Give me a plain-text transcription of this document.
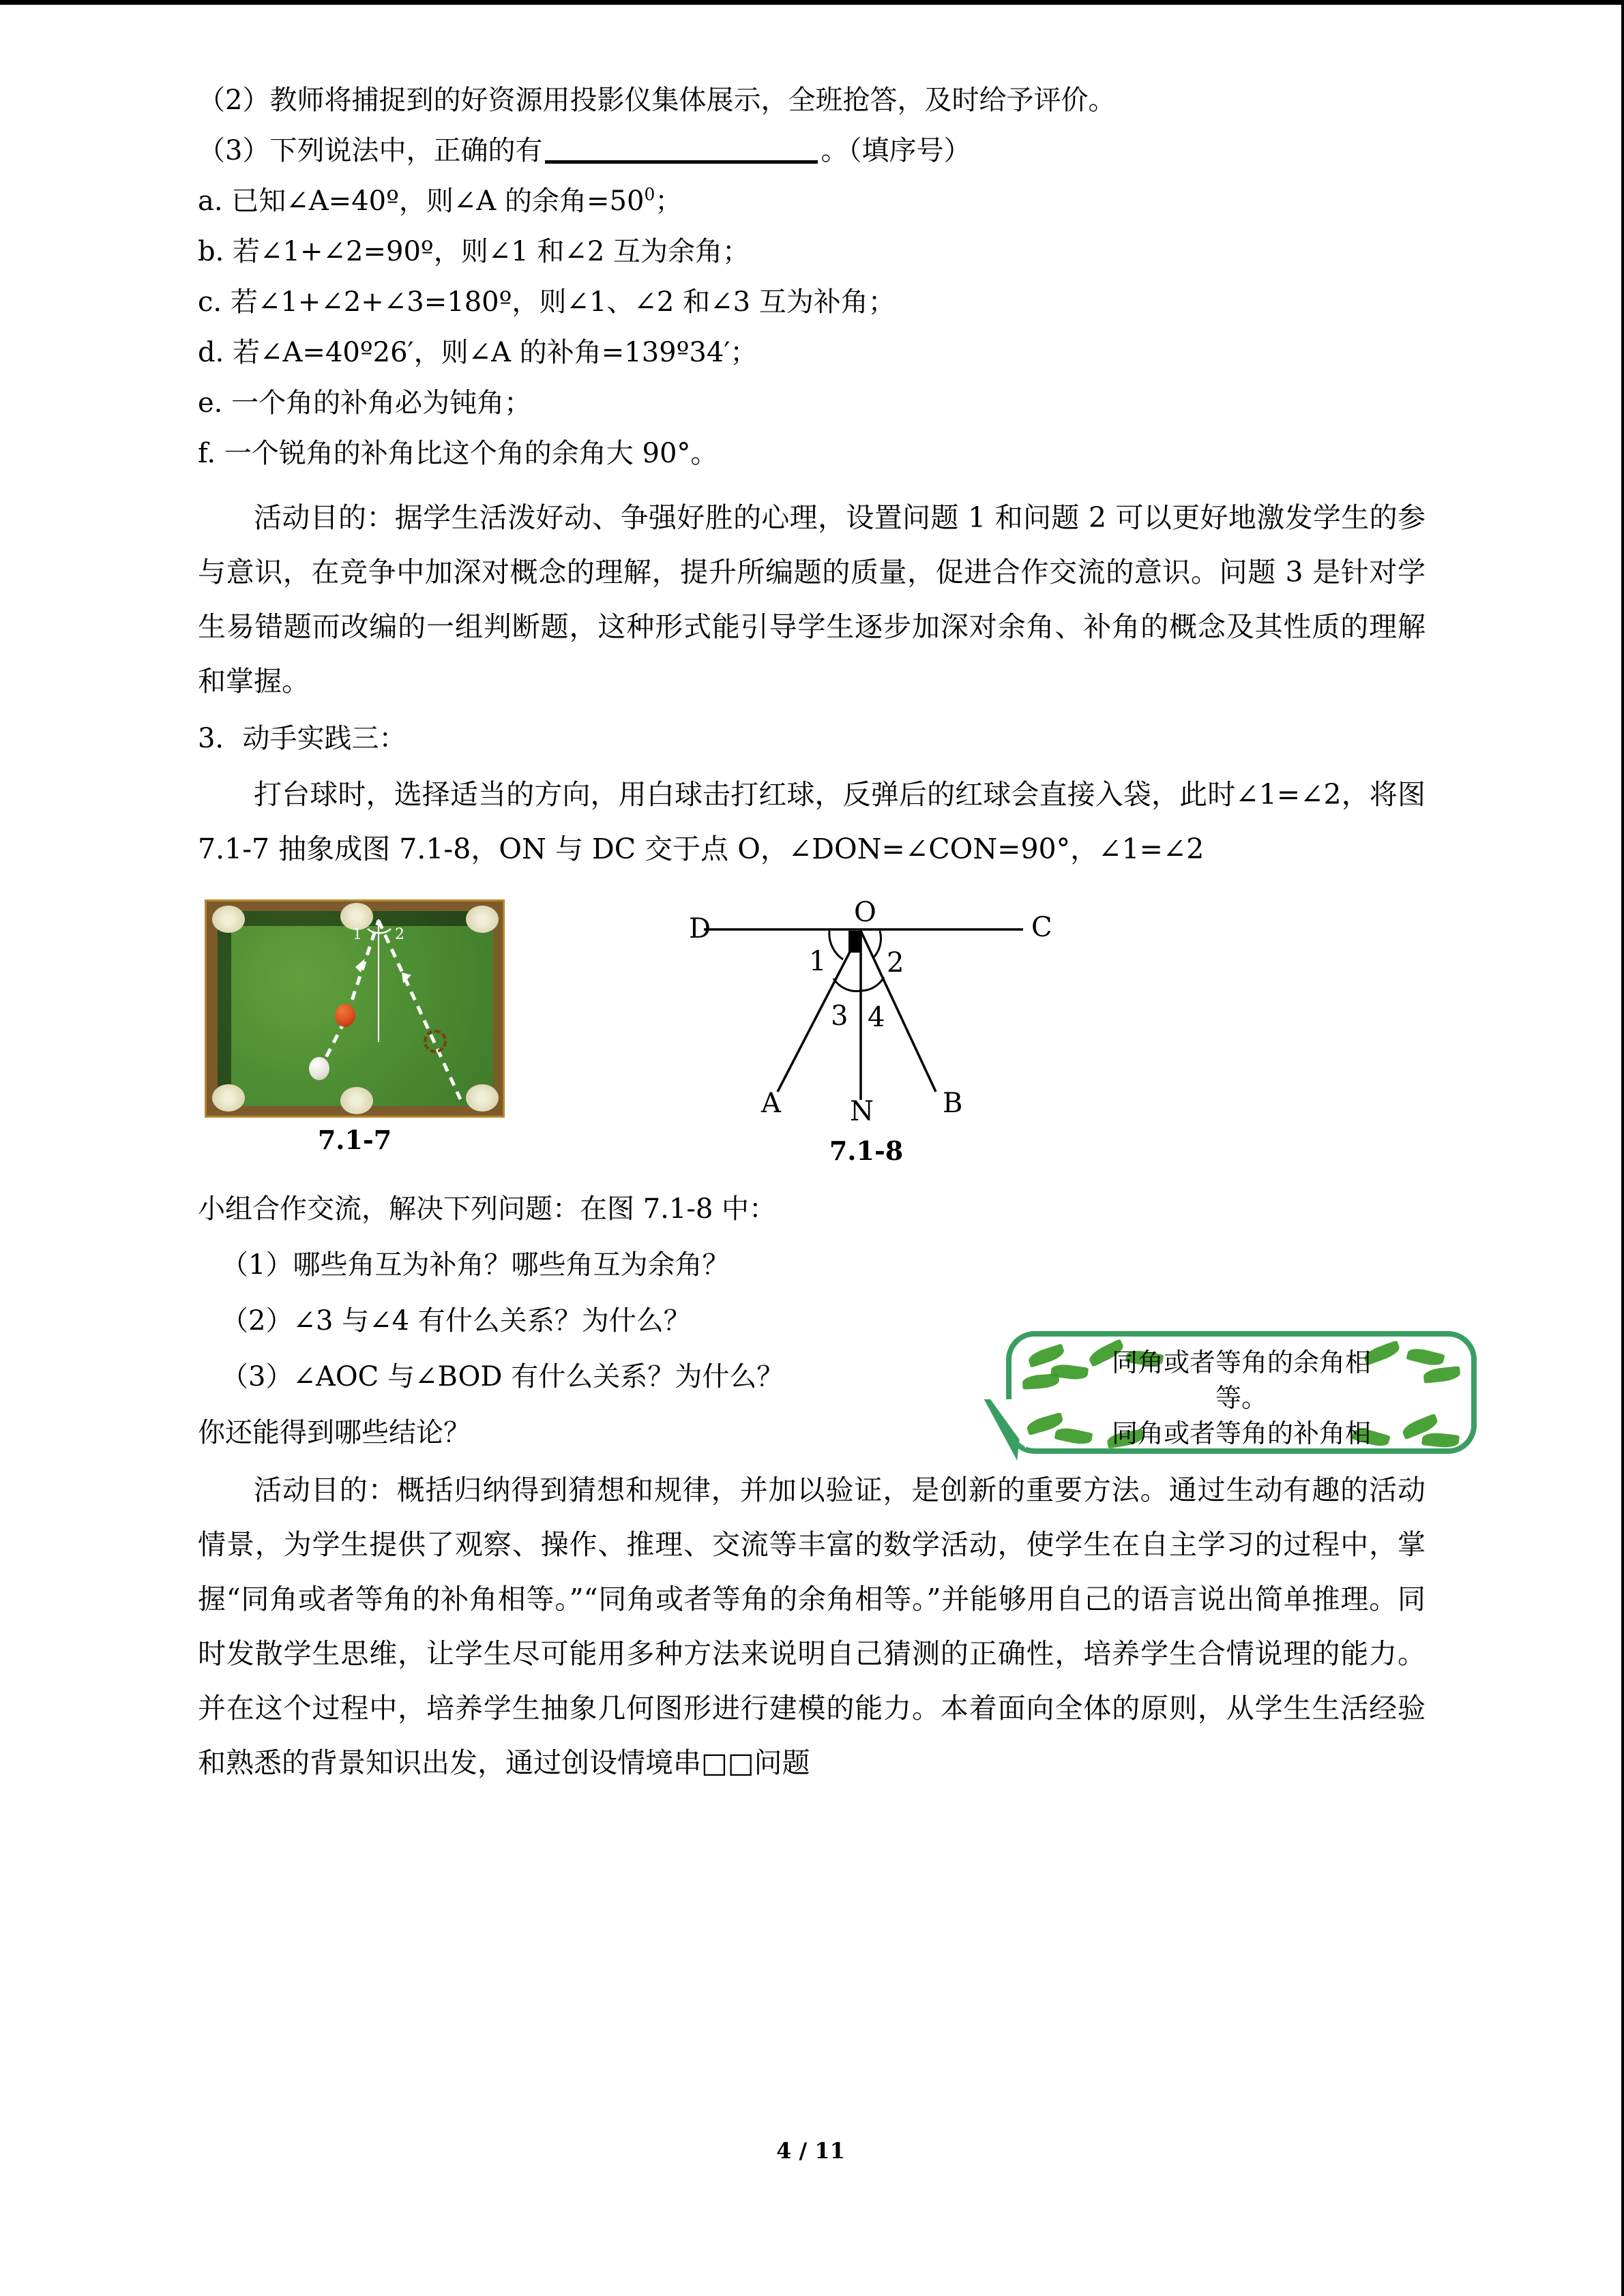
（2）教师将捕捉到的好资源用投影仪集体展示，全班抢答，及时给予评价。
（3）下列说法中，正确的有	。（填序号）
a. 已知∠A=40º，则∠A 的余角$=50^0$；
b. 若∠1+∠2=90º，则∠1 和∠2 互为余角；
c. 若∠1+∠2+∠3=180º，则∠1、∠2 和∠3 互为补角；
d. 若∠A=40º26′，则∠A 的补角=139º34′；
e. 一个角的补角必为钝角；
f. 一个锐角的补角比这个角的余角大 90°。
活动目的：据学生活泼好动、争强好胜的心理，设置问题 1 和问题 2 可以更好地激发学生的参与意识，在竞争中加深对概念的理解，提升所编题的质量，促进合作交流的意识。问题 3 是针对学生易错题而改编的一组判断题，这种形式能引导学生逐步加深对余角、补角的概念及其性质的理解和掌握。
3．动手实践三：
打台球时，选择适当的方向，用白球击打红球，反弹后的红球会直接入袋，此时∠1=∠2，将图 7.1-7 抽象成图 7.1-8，ON 与 DC 交于点 O，∠DON=∠CON=90°，∠1=∠2
1 2
7.1-7
D	C
O
1 2
3 4
A	B
N
7.1-8
小组合作交流，解决下列问题：在图 7.1-8 中：
（1）哪些角互为补角？哪些角互为余角？
（2）∠3 与∠4 有什么关系？为什么？
（3）∠AOC 与∠BOD 有什么关系？为什么？
你还能得到哪些结论？
活动目的：概括归纳得到猜想和规律，并加以验证，是创新的重要方法。通过生动有趣的活动情景，为学生提供了观察、操作、推理、交流等丰富的数学活动，使学生在自主学习的过程中，掌握“同角或者等角的补角相等。”“同角或者等角的余角相等。”并能够用自己的语言说出简单推理。同时发散学生思维，让学生尽可能用多种方法来说明自己猜测的正确性，培养学生合情说理的能力。并在这个过程中，培养学生抽象几何图形进行建模的能力。本着面向全体的原则，从学生生活经验和熟悉的背景知识出发，通过创设情境串□□问题
同角或者等角的余角相
等。
同角或者等角的补角相
4 / 11
